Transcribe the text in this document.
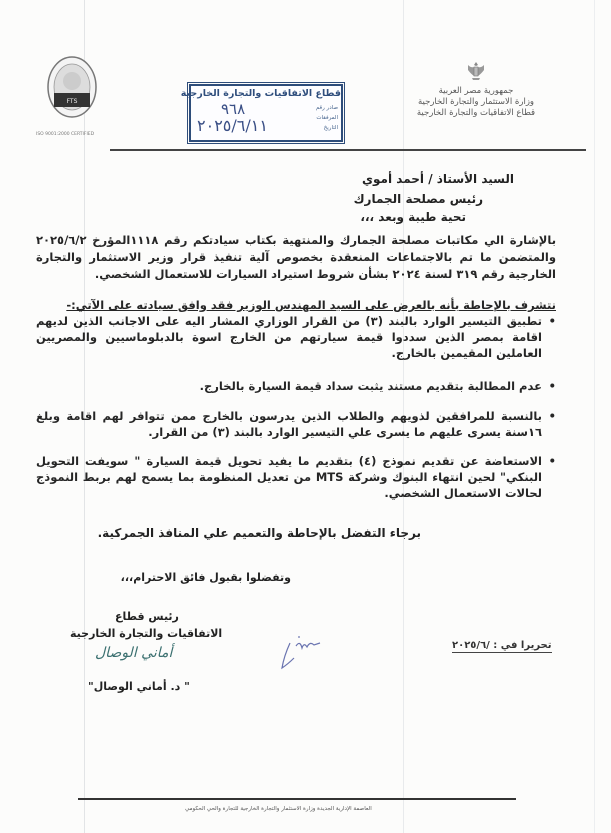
جمهورية مصر العربية
وزارة الاستثمار والتجارة الخارجية
قطاع الاتفاقيات والتجارة الخارجية
قطاع الاتفاقيات والتجارة الخارجية
صادر رقم
المرفقات
التاريخ
٩٦٨
٢٠٢٥/٦/١١
FTS
ISO 9001:2000 CERTIFIED
السيد الأستاذ / أحمد أموي
رئيس مصلحة الجمارك
تحية طيبة وبعد ،،،
بالإشارة الي مكاتبات مصلحة الجمارك والمنتهية بكتاب سيادتكم رقم ١١١٨المؤرخ ٢٠٢٥/٦/٢ والمتضمن ما تم بالاجتماعات المنعقدة بخصوص آلية تنفيذ قرار وزير الاستثمار والتجارة الخارجية رقم ٣١٩ لسنة ٢٠٢٤ بشأن شروط استيراد السيارات للاستعمال الشخصي.
نتشرف بالإحاطة بأنه بالعرض على السيد المهندس الوزير فقد وافق سيادته على الآتي:-
• تطبيق التيسير الوارد بالبند (٣) من القرار الوزاري المشار اليه على الاجانب الذين لديهم اقامة بمصر الذين سددوا قيمة سيارتهم من الخارج اسوة بالدبلوماسيين والمصريين العاملين المقيمين بالخارج.
• عدم المطالبة بتقديم مستند يثبت سداد قيمة السيارة بالخارج.
• بالنسبة للمرافقين لذويهم والطلاب الذين يدرسون بالخارج ممن تتوافر لهم اقامة وبلغ ١٦سنة يسرى عليهم ما يسرى علي التيسير الوارد بالبند (٣) من القرار.
• الاستعاضة عن تقديم نموذج (٤) بتقديم ما يفيد تحويل قيمة السيارة " سويفت التحويل البنكي" لحين انتهاء البنوك وشركة MTS من تعديل المنظومة بما يسمح لهم بربط النموذج لحالات الاستعمال الشخصي.
برجاء التفضل بالإحاطة والتعميم علي المنافذ الجمركية.
وتفضلوا بقبول فائق الاحترام،،،
رئيس قطاع
الاتفاقيات والتجارة الخارجية
أماني الوصال
" د. أماني الوصال"
تحريرا في : /٢٠٢٥/٦
العاصمة الإدارية الجديدة وزارة الاستثمار والتجارة الخارجية للتجارة والحي الحكومي
